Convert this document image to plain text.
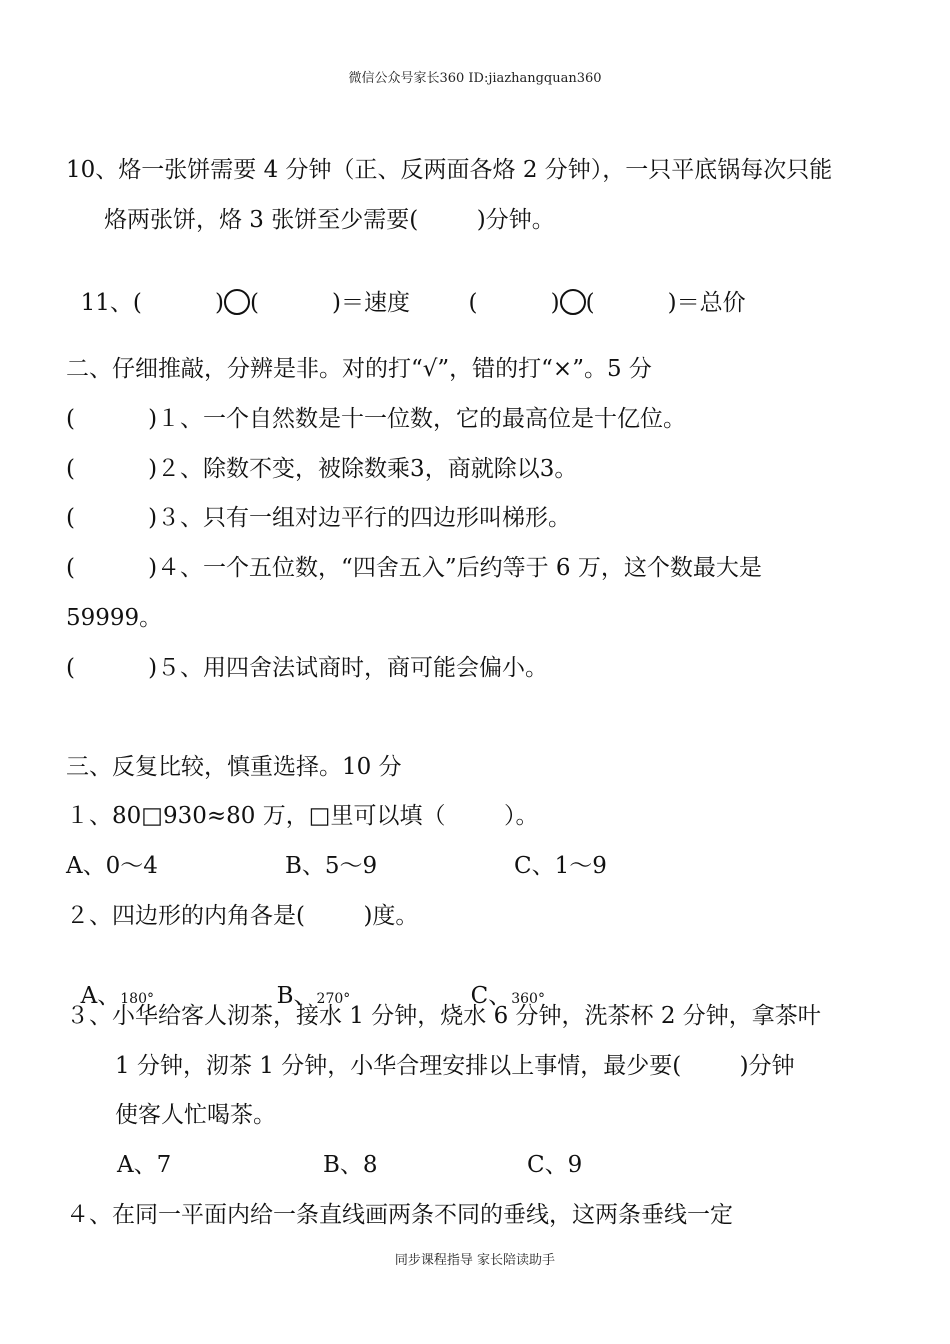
微信公众号家长360 ID:jiazhangquan360
10、烙一张饼需要 4 分钟（正、反两面各烙 2 分钟），一只平底锅每次只能
烙两张饼，烙 3 张饼至少需要(        )分钟。

11、(          ) (          )＝速度        (          ) (          )＝总价

二、仔细推敲，分辨是非。对的打“√”，错的打“×”。5 分
(          )１、一个自然数是十一位数，它的最高位是十亿位。
(          )２、除数不变，被除数乘3，商就除以3。
(          )３、只有一组对边平行的四边形叫梯形。
(          )４、一个五位数，“四舍五入”后约等于 6 万，这个数最大是
59999。
(          )５、用四舍法试商时，商可能会偏小。
三、反复比较，慎重选择。10 分
１、80□930≈80 万，□里可以填（        ）。
A、0～4	B、5～9	C、1～9
２、四边形的内角各是(        )度。

A、180°	B、270°	C、360°

３、小华给客人沏茶，接水 1 分钟，烧水 6 分钟，洗茶杯 2 分钟，拿茶叶
1 分钟，沏茶 1 分钟，小华合理安排以上事情，最少要(        )分钟
使客人忙喝茶。
A、7	B、8	C、9
４、在同一平面内给一条直线画两条不同的垂线，这两条垂线一定
同步课程指导 家长陪读助手
